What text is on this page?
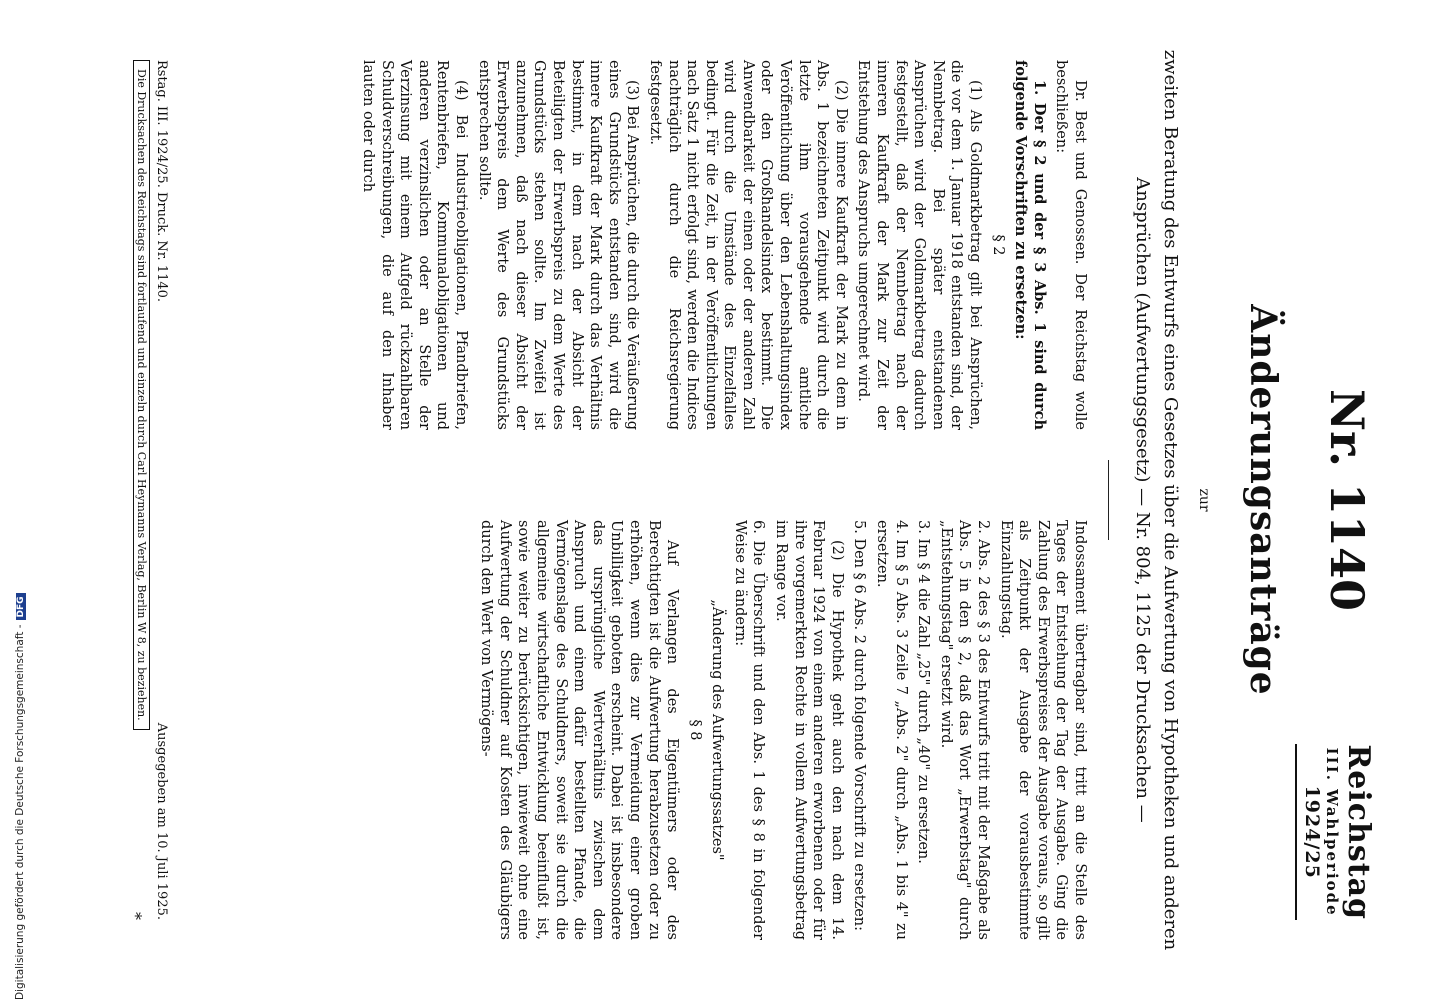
Reichstag
III. Wahlperiode
1924/25
Nr. 1140
Änderungsanträge
zur
zweiten Beratung des Entwurfs eines Gesetzes über die Aufwertung von Hypotheken und anderen Ansprüchen (Aufwertungsgesetz) — Nr. 804, 1125 der Drucksachen —

Dr. Best und Genossen. Der Reichstag wolle beschließen:

1. Der § 2 und der § 3 Abs. 1 sind durch folgende Vorschriften zu ersetzen:

§ 2

(1) Als Goldmarkbetrag gilt bei Ansprüchen, die vor dem 1. Januar 1918 entstanden sind, der Nennbetrag. Bei später entstandenen Ansprüchen wird der Goldmarkbetrag dadurch festgestellt, daß der Nennbetrag nach der inneren Kaufkraft der Mark zur Zeit der Entstehung des Anspruchs umgerechnet wird.

(2) Die innere Kaufkraft der Mark zu dem in Abs. 1 bezeichneten Zeitpunkt wird durch die letzte ihm vorausgehende amtliche Veröffentlichung über den Lebenshaltungsindex oder den Großhandelsindex bestimmt. Die Anwendbarkeit der einen oder der anderen Zahl wird durch die Umstände des Einzelfalles bedingt. Für die Zeit, in der Veröffentlichungen nach Satz 1 nicht erfolgt sind, werden die Indices nachträglich durch die Reichsregierung festgesetzt.

(3) Bei Ansprüchen, die durch die Veräußerung eines Grundstücks entstanden sind, wird die innere Kaufkraft der Mark durch das Verhältnis bestimmt, in dem nach der Absicht der Beteiligten der Erwerbspreis zu dem Werte des Grundstücks stehen sollte. Im Zweifel ist anzunehmen, daß nach dieser Absicht der Erwerbspreis dem Werte des Grundstücks entsprechen sollte.

(4) Bei Industrieobligationen, Pfandbriefen, Rentenbriefen, Kommunalobligationen und anderen verzinslichen oder an Stelle der Verzinsung mit einem Aufgeld rückzahlbaren Schuldverschreibungen, die auf den Inhaber lauten oder durch

Indossament übertragbar sind, tritt an die Stelle des Tages der Entstehung der Tag der Ausgabe. Ging die Zahlung des Erwerbspreises der Ausgabe voraus, so gilt als Zeitpunkt der Ausgabe der vorausbestimmte Einzahlungstag.

2. Abs. 2 des § 3 des Entwurfs tritt mit der Maßgabe als Abs. 5 in den § 2, daß das Wort „Erwerbstag" durch „Entstehungstag" ersetzt wird.

3. Im § 4 die Zahl „25" durch „40" zu ersetzen.

4. Im § 5 Abs. 3 Zeile 7 „Abs. 2" durch „Abs. 1 bis 4" zu ersetzen.

5. Den § 6 Abs. 2 durch folgende Vorschrift zu ersetzen:

(2) Die Hypothek geht auch den nach dem 14. Februar 1924 von einem anderen erworbenen oder für ihre vorgemerkten Rechte in vollem Aufwertungsbetrag im Range vor.

6. Die Überschrift und den Abs. 1 des § 8 in folgender Weise zu ändern:

„Änderung des Aufwertungssatzes"

§ 8

Auf Verlangen des Eigentümers oder des Berechtigten ist die Aufwertung herabzusetzen oder zu erhöhen, wenn dies zur Vermeidung einer groben Unbilligkeit geboten erscheint. Dabei ist insbesondere das ursprüngliche Wertverhältnis zwischen dem Anspruch und einem dafür bestellten Pfande, die Vermögenslage des Schuldners, soweit sie durch die allgemeine wirtschaftliche Entwicklung beeinflußt ist, sowie weiter zu berücksichtigen, inwieweit ohne eine Aufwertung der Schuldner auf Kosten des Gläubigers durch den Wert von Vermögens-

Rstag. III. 1924/25. Druck. Nr. 1140.
Ausgegeben am 10. Juli 1925.
Die Drucksachen des Reichstags sind fortlaufend und einzeln durch Carl Heymanns Verlag, Berlin W 8, zu beziehen.
*
Digitalisierung gefördert durch die Deutsche Forschungsgemeinschaft -DFG
